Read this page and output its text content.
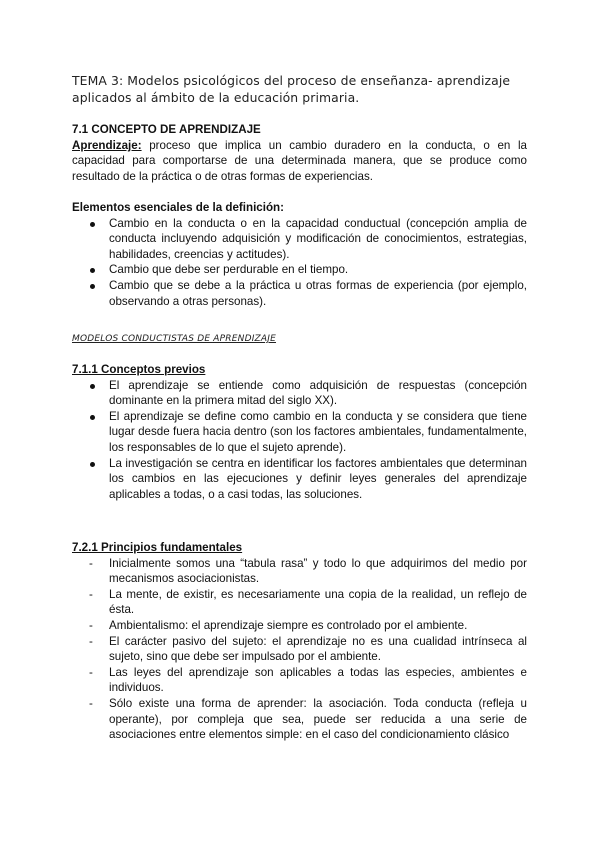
TEMA 3: Modelos psicológicos del proceso de enseñanza- aprendizaje aplicados al ámbito de la educación primaria.
7.1 CONCEPTO DE APRENDIZAJE
Aprendizaje: proceso que implica un cambio duradero en la conducta, o en la capacidad para comportarse de una determinada manera, que se produce como resultado de la práctica o de otras formas de experiencias.
Elementos esenciales de la definición:
Cambio en la conducta o en la capacidad conductual (concepción amplia de conducta incluyendo adquisición y modificación de conocimientos, estrategias, habilidades, creencias y actitudes).
Cambio que debe ser perdurable en el tiempo.
Cambio que se debe a la práctica u otras formas de experiencia (por ejemplo, observando a otras personas).
MODELOS CONDUCTISTAS DE APRENDIZAJE
7.1.1 Conceptos previos
El aprendizaje se entiende como adquisición de respuestas (concepción dominante en la primera mitad del siglo XX).
El aprendizaje se define como cambio en la conducta y se considera que tiene lugar desde fuera hacia dentro (son los factores ambientales, fundamentalmente, los responsables de lo que el sujeto aprende).
La investigación se centra en identificar los factores ambientales que determinan los cambios en las ejecuciones y definir leyes generales del aprendizaje aplicables a todas, o a casi todas, las soluciones.
7.2.1 Principios fundamentales
- Inicialmente somos una “tabula rasa” y todo lo que adquirimos del medio por mecanismos asociacionistas.
- La mente, de existir, es necesariamente una copia de la realidad, un reflejo de ésta.
- Ambientalismo: el aprendizaje siempre es controlado por el ambiente.
- El carácter pasivo del sujeto: el aprendizaje no es una cualidad intrínseca al sujeto, sino que debe ser impulsado por el ambiente.
- Las leyes del aprendizaje son aplicables a todas las especies, ambientes e individuos.
- Sólo existe una forma de aprender: la asociación. Toda conducta (refleja u operante), por compleja que sea, puede ser reducida a una serie de asociaciones entre elementos simple: en el caso del condicionamiento clásico
